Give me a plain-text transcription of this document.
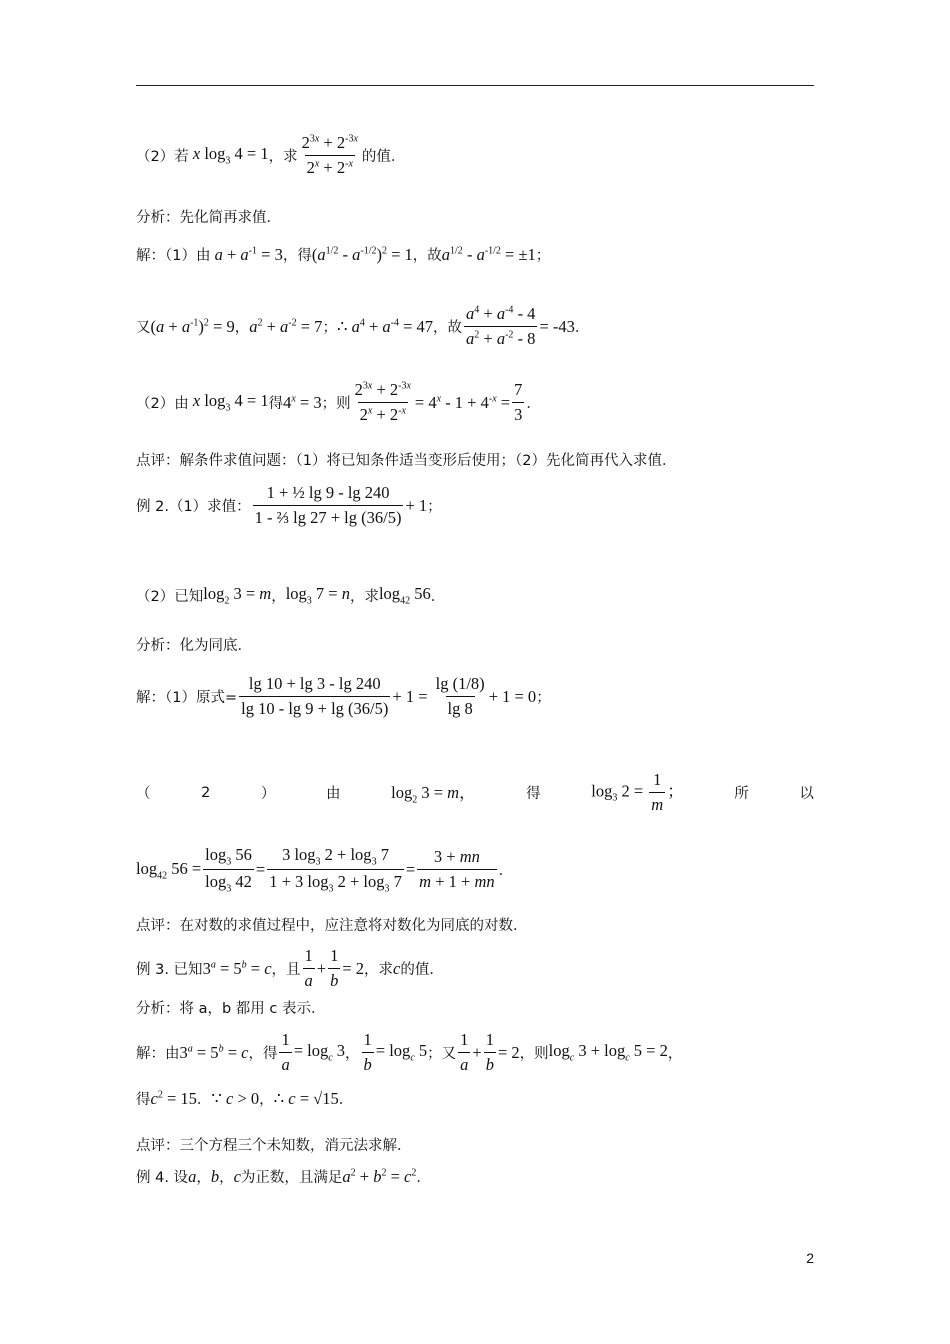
（2）若 x $\log_3 4 = 1$ ，求 $\frac{2^{3x} + 2^{-3x}}{2^x + 2^{-x}}$ 的值．
分析：先化简再求值．
解：（1）由 $a + a^{-1} = 3$ ，得 $(a^{1/2} - a^{-1/2})^2 = 1$ ，故 $a^{1/2} - a^{-1/2} = \pm 1$ ；
又 $(a + a^{-1})^2 = 9$ ， $a^2 + a^{-2} = 7$ ； ∴ $a^4 + a^{-4} = 47$ ， 故 $\frac{a^4 + a^{-4} - 4}{a^2 + a^{-2} - 8} = -43$ ．
（2）由 x $\log_3 4 = 1$ 得 $4^x = 3$ ；则 $\frac{2^{3x} + 2^{-3x}}{2^x + 2^{-x}} = 4^x - 1 + 4^{-x} = \frac{7}{3}$ ．
点评：解条件求值问题：（1）将已知条件适当变形后使用；（2）先化简再代入求值．
例 2.（1）求值： $\frac{\text{1 + ½ lg 9 - lg 240}}{\text{1 - ⅔ lg 27 + lg (36/5)}} + 1$ ；
（2）已知 $\log_2 3 = m$ ， $\log_3 7 = n$ ，求 $\log_{42} 56$ ．
分析：化为同底．
解：（1）原式= $\frac{\lg 10 + \lg 3 - \lg 240}{\lg 10 - \lg 9 + \lg (36/5)} + 1 = \frac{\lg (1/8)}{\lg 8} + 1 = 0$ ；
（	2	）	由	$\log_2 3 = m$，	得	$\log_3 2 = \frac{1}{m}$ ；	所	以
$\log_{42} 56 = \frac{\log_3 56}{\log_3 42} = \frac{3 \log_3 2 + \log_3 7}{1 + 3 \log_3 2 + \log_3 7} = \frac{3 + mn}{m + 1 + mn}$ ．
点评：在对数的求值过程中，应注意将对数化为同底的对数．
例 3. 已知 $3^a = 5^b = c$ ，且 $\frac{1}{a} + \frac{1}{b} = 2$ ，求 c 的值．
分析：将 a，b 都用 c 表示．
解：由 $3^a = 5^b = c$ ，得 $\frac{1}{a} = \log_c 3$ ， $\frac{1}{b} = \log_c 5$ ；又 $\frac{1}{a} + \frac{1}{b} = 2$ ，则 $\log_c 3 + \log_c 5 = 2$ ，
得 $c^2 = 15$ ． ∵ c > 0 ， ∴ c = √15 ．
点评：三个方程三个未知数，消元法求解．
例 4. 设 a ， b ， c 为正数，且满足 $a^2 + b^2 = c^2$ ．
2
